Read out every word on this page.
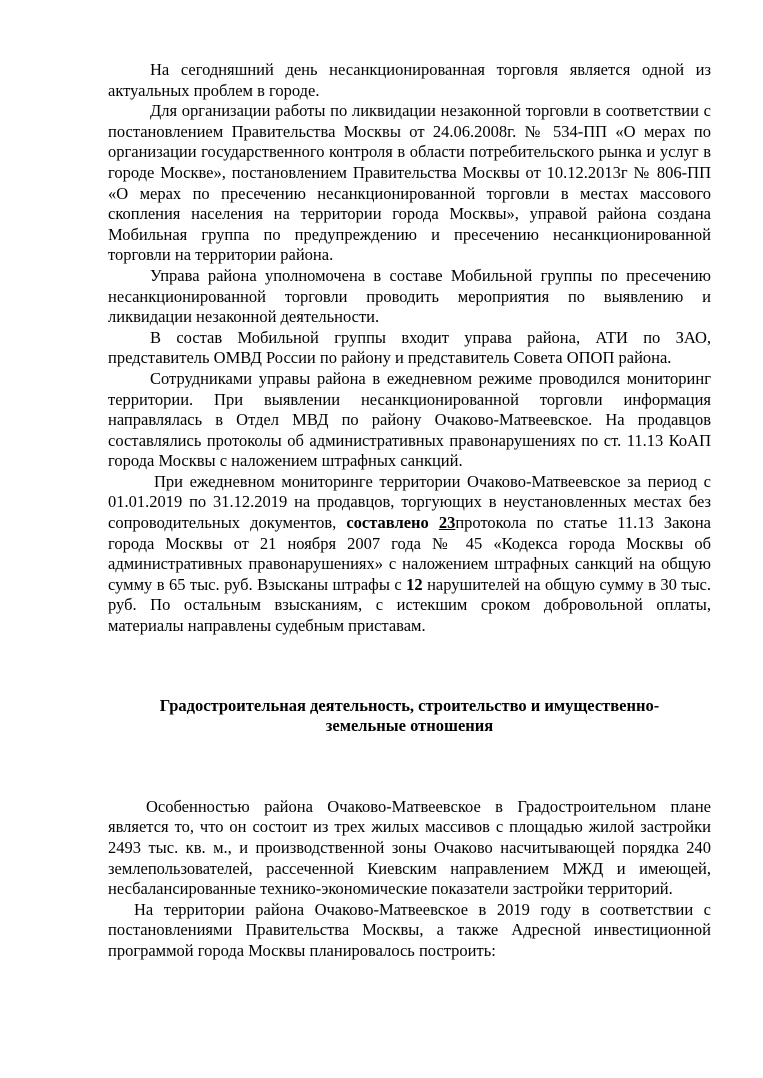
На сегодняшний день несанкционированная торговля является одной из актуальных проблем в городе.

Для организации работы по ликвидации незаконной торговли в соответствии с постановлением Правительства Москвы от 24.06.2008г. № 534-ПП «О мерах по организации государственного контроля в области потребительского рынка и услуг в городе Москве», постановлением Правительства Москвы от 10.12.2013г № 806-ПП «О мерах по пресечению несанкционированной торговли в местах массового скопления населения на территории города Москвы», управой района создана Мобильная группа по предупреждению и пресечению несанкционированной торговли на территории района.

Управа района уполномочена в составе Мобильной группы по пресечению несанкционированной торговли проводить мероприятия по выявлению и ликвидации незаконной деятельности.

В состав Мобильной группы входит управа района, АТИ по ЗАО, представитель ОМВД России по району и представитель Совета ОПОП района.

Сотрудниками управы района в ежедневном режиме проводился мониторинг территории. При выявлении несанкционированной торговли информация направлялась в Отдел МВД по району Очаково-Матвеевское. На продавцов составлялись протоколы об административных правонарушениях по ст. 11.13 КоАП города Москвы с наложением штрафных санкций.

При ежедневном мониторинге территории Очаково-Матвеевское за период с 01.01.2019 по 31.12.2019 на продавцов, торгующих в неустановленных местах без сопроводительных документов, составлено 23протокола по статье 11.13 Закона города Москвы от 21 ноября 2007 года № 45 «Кодекса города Москвы об административных правонарушениях» с наложением штрафных санкций на общую сумму в 65 тыс. руб. Взысканы штрафы с 12 нарушителей на общую сумму в 30 тыс. руб. По остальным взысканиям, с истекшим сроком добровольной оплаты, материалы направлены судебным приставам.

Градостроительная деятельность, строительство и имущественно-
земельные отношения

Особенностью района Очаково-Матвеевское в Градостроительном плане является то, что он состоит из трех жилых массивов с площадью жилой застройки 2493 тыс. кв. м., и производственной зоны Очаково насчитывающей порядка 240 землепользователей, рассеченной Киевским направлением МЖД и имеющей, несбалансированные технико-экономические показатели застройки территорий.

На территории района Очаково-Матвеевское в 2019 году в соответствии с постановлениями Правительства Москвы, а также Адресной инвестиционной программой города Москвы планировалось построить:
